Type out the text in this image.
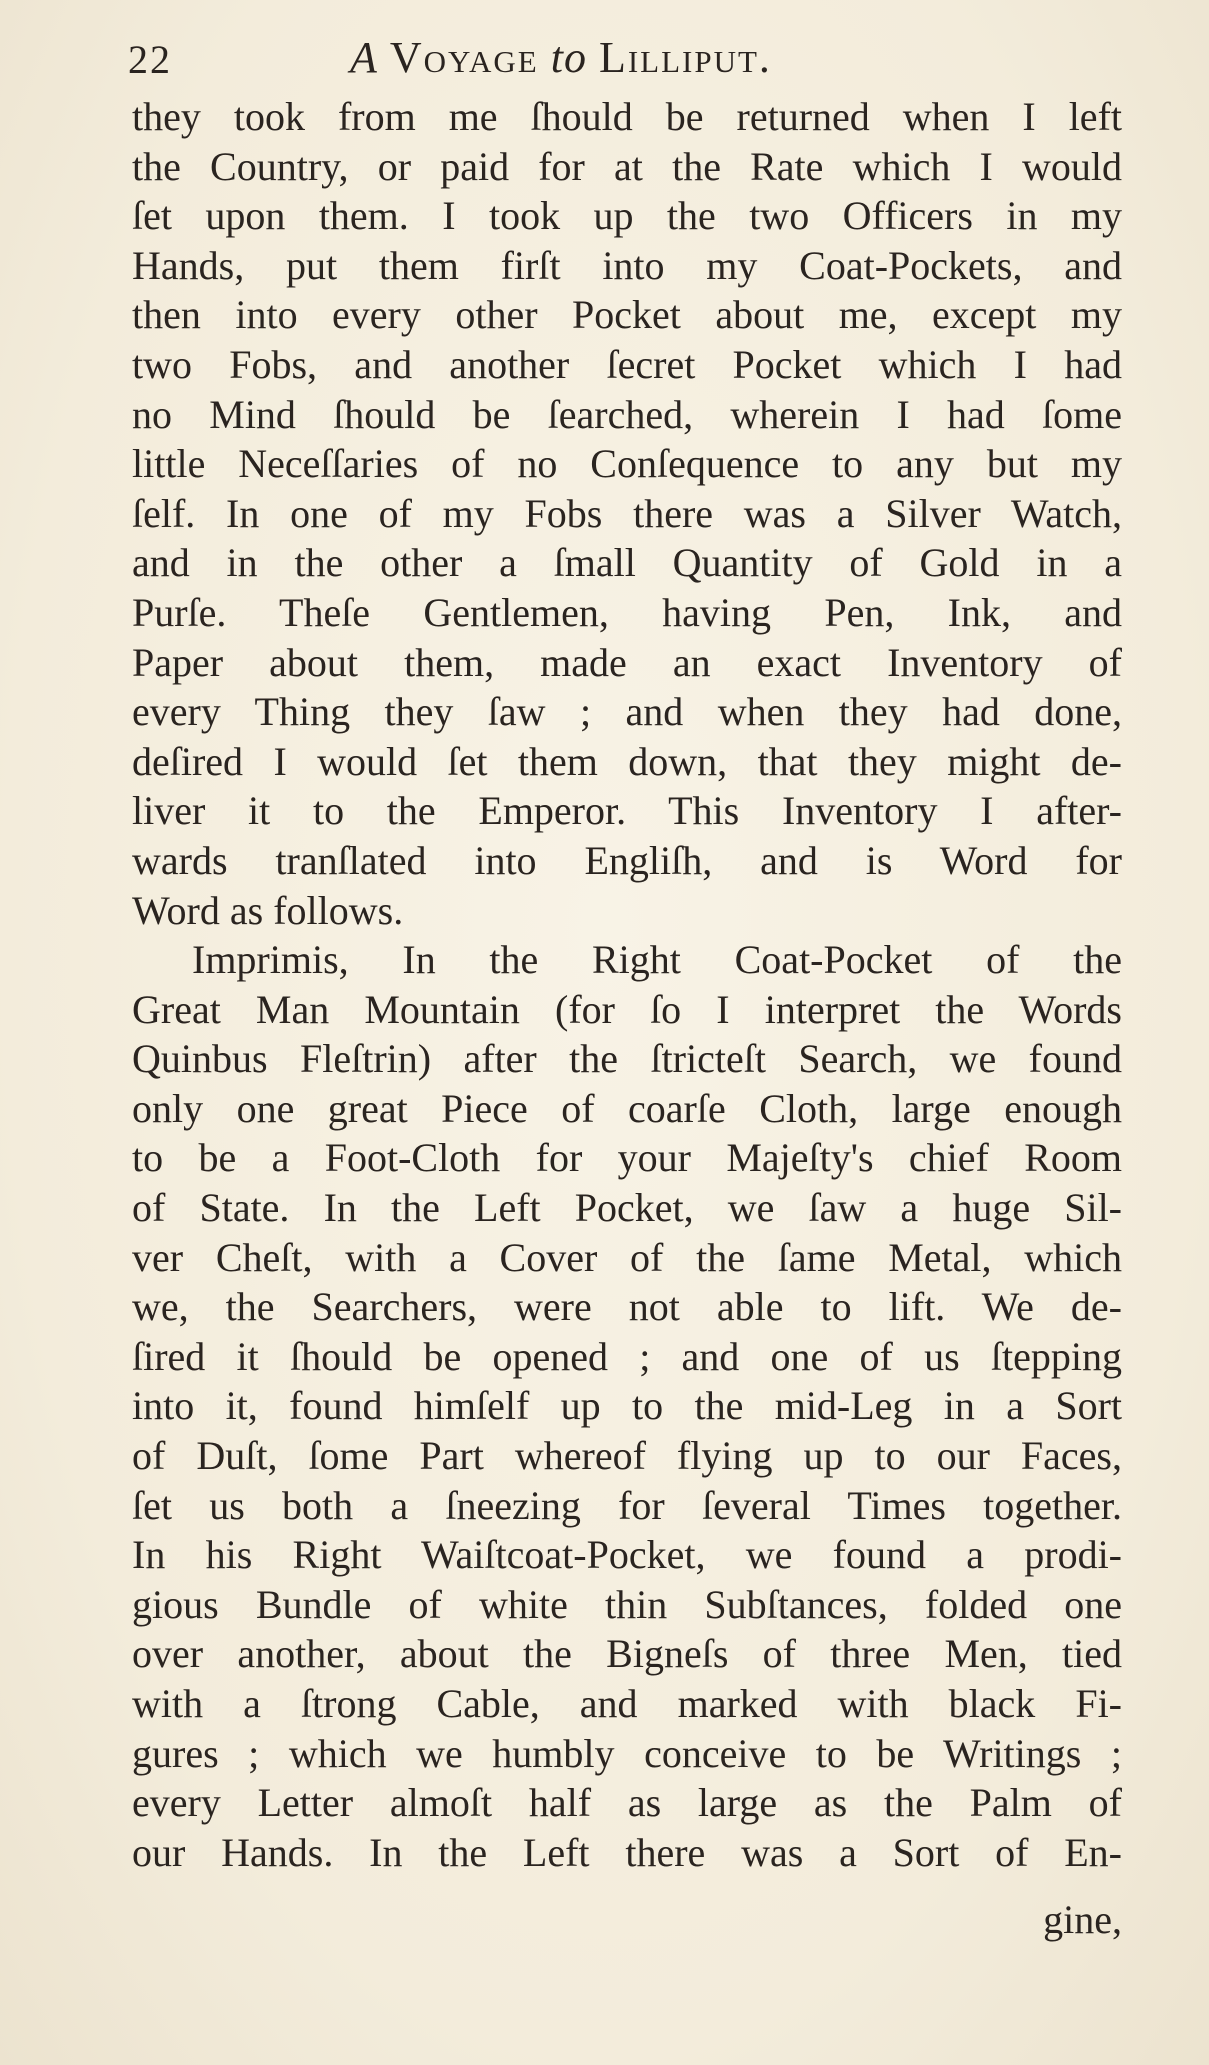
22	A Voyage to Lilliput.
they took from me ſhould be returned when I left
the Country, or paid for at the Rate which I would
ſet upon them. I took up the two Officers in my
Hands, put them firſt into my Coat-Pockets, and
then into every other Pocket about me, except my
two Fobs, and another ſecret Pocket which I had
no Mind ſhould be ſearched, wherein I had ſome
little Neceſſaries of no Conſequence to any but my
ſelf. In one of my Fobs there was a Silver Watch,
and in the other a ſmall Quantity of Gold in a
Purſe. Theſe Gentlemen, having Pen, Ink, and
Paper about them, made an exact Inventory of
every Thing they ſaw ; and when they had done,
deſired I would ſet them down, that they might de-
liver it to the Emperor. This Inventory I after-
wards tranſlated into Engliſh, and is Word for
Word as follows.
Imprimis, In the Right Coat-Pocket of the
Great Man Mountain (for ſo I interpret the Words
Quinbus Fleſtrin) after the ſtricteſt Search, we found
only one great Piece of coarſe Cloth, large enough
to be a Foot-Cloth for your Majeſty's chief Room
of State. In the Left Pocket, we ſaw a huge Sil-
ver Cheſt, with a Cover of the ſame Metal, which
we, the Searchers, were not able to lift. We de-
ſired it ſhould be opened ; and one of us ſtepping
into it, found himſelf up to the mid-Leg in a Sort
of Duſt, ſome Part whereof flying up to our Faces,
ſet us both a ſneezing for ſeveral Times together.
In his Right Waiſtcoat-Pocket, we found a prodi-
gious Bundle of white thin Subſtances, folded one
over another, about the Bigneſs of three Men, tied
with a ſtrong Cable, and marked with black Fi-
gures ; which we humbly conceive to be Writings ;
every Letter almoſt half as large as the Palm of
our Hands. In the Left there was a Sort of En-
gine,
